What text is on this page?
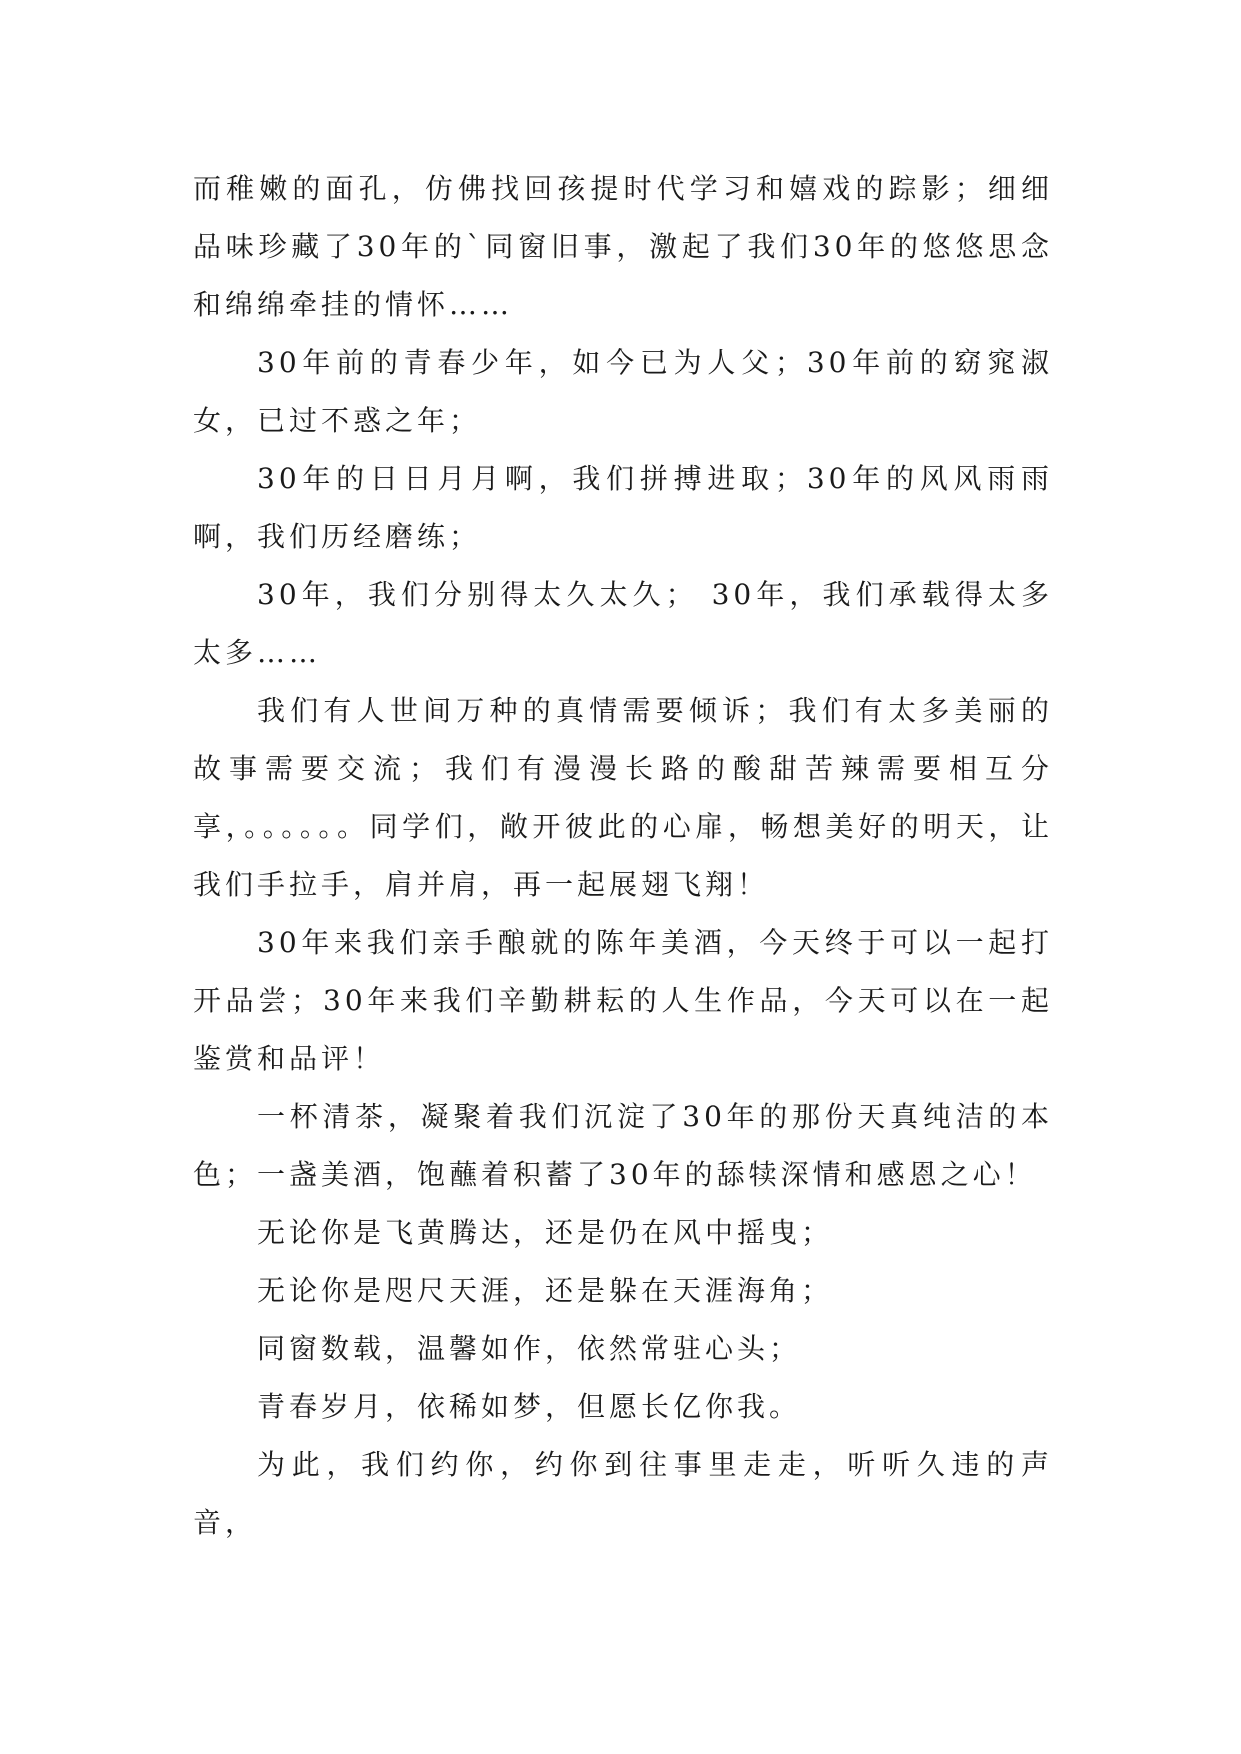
而稚嫩的面孔，仿佛找回孩提时代学习和嬉戏的踪影；细细品味珍藏了30年的`同窗旧事，激起了我们30年的悠悠思念和绵绵牵挂的情怀……

30年前的青春少年，如今已为人父；30年前的窈窕淑女，已过不惑之年；

30年的日日月月啊，我们拼搏进取；30年的风风雨雨啊，我们历经磨练；

30年，我们分别得太久太久； 30年，我们承载得太多太多……

我们有人世间万种的真情需要倾诉；我们有太多美丽的故事需要交流；我们有漫漫长路的酸甜苦辣需要相互分享，。。。。。。同学们，敞开彼此的心扉，畅想美好的明天，让我们手拉手，肩并肩，再一起展翅飞翔！

30年来我们亲手酿就的陈年美酒，今天终于可以一起打开品尝；30年来我们辛勤耕耘的人生作品，今天可以在一起鉴赏和品评！

一杯清茶，凝聚着我们沉淀了30年的那份天真纯洁的本色；一盏美酒，饱蘸着积蓄了30年的舔犊深情和感恩之心！

无论你是飞黄腾达，还是仍在风中摇曳；

无论你是咫尺天涯，还是躲在天涯海角；

同窗数载，温馨如作，依然常驻心头；

青春岁月，依稀如梦，但愿长亿你我。

为此，我们约你，约你到往事里走走，听听久违的声音，
